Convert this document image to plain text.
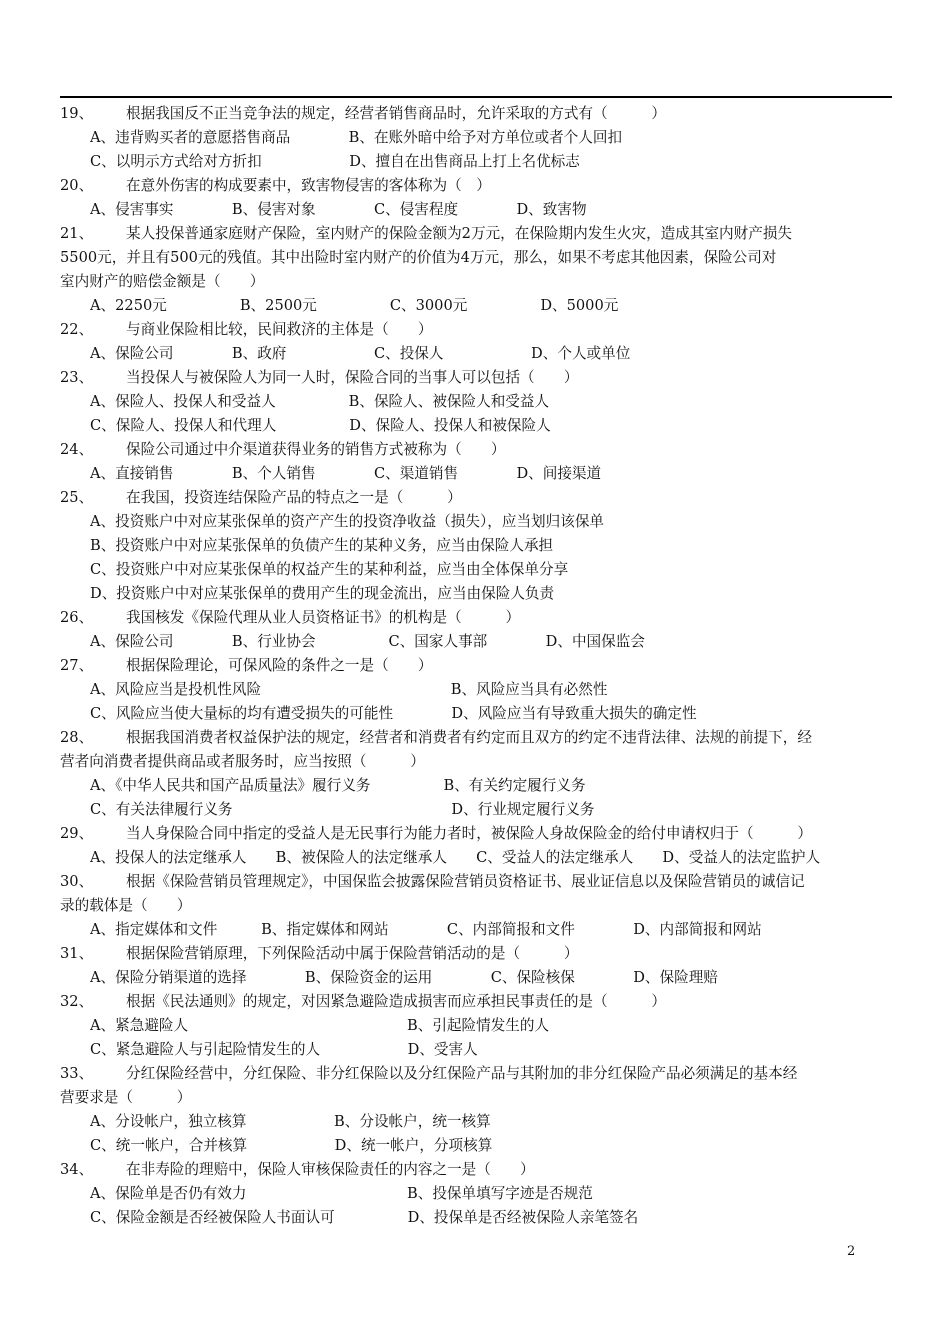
19、	根据我国反不正当竞争法的规定，经营者销售商品时，允许采取的方式有（　　　）
A、违背购买者的意愿搭售商品　　　　B、在账外暗中给予对方单位或者个人回扣
C、以明示方式给对方折扣　　　　　　D、擅自在出售商品上打上名优标志
20、	在意外伤害的构成要素中，致害物侵害的客体称为（　）
A、侵害事实　　　　B、侵害对象　　　　C、侵害程度　　　　D、致害物
21、	某人投保普通家庭财产保险，室内财产的保险金额为2万元，在保险期内发生火灾，造成其室内财产损失
5500元，并且有500元的残值。其中出险时室内财产的价值为4万元，那么，如果不考虑其他因素，保险公司对
室内财产的赔偿金额是（　　）
A、2250元　　　　　B、2500元　　　　　C、3000元　　　　　D、5000元
22、	与商业保险相比较，民间救济的主体是（　　）
A、保险公司　　　　B、政府　　　　　　C、投保人　　　　　　D、个人或单位
23、	当投保人与被保险人为同一人时，保险合同的当事人可以包括（　　）
A、保险人、投保人和受益人　　　　　B、保险人、被保险人和受益人
C、保险人、投保人和代理人　　　　　D、保险人、投保人和被保险人
24、	保险公司通过中介渠道获得业务的销售方式被称为（　　）
A、直接销售　　　　B、个人销售　　　　C、渠道销售　　　　D、间接渠道
25、	在我国，投资连结保险产品的特点之一是（　　　）
A、投资账户中对应某张保单的资产产生的投资净收益（损失），应当划归该保单
B、投资账户中对应某张保单的负债产生的某种义务，应当由保险人承担
C、投资账户中对应某张保单的权益产生的某种利益，应当由全体保单分享
D、投资账户中对应某张保单的费用产生的现金流出，应当由保险人负责
26、	我国核发《保险代理从业人员资格证书》的机构是（　　　）
A、保险公司　　　　B、行业协会　　　　　C、国家人事部　　　　D、中国保监会
27、	根据保险理论，可保风险的条件之一是（　　）
A、风险应当是投机性风险　　　　　　　　　　　　　B、风险应当具有必然性
C、风险应当使大量标的均有遭受损失的可能性　　　　D、风险应当有导致重大损失的确定性
28、	根据我国消费者权益保护法的规定，经营者和消费者有约定而且双方的约定不违背法律、法规的前提下，经
营者向消费者提供商品或者服务时，应当按照（　　　）
A、《中华人民共和国产品质量法》履行义务　　　　　B、有关约定履行义务
C、有关法律履行义务　　　　　　　　　　　　　　　D、行业规定履行义务
29、	当人身保险合同中指定的受益人是无民事行为能力者时，被保险人身故保险金的给付申请权归于（　　　）
A、投保人的法定继承人　　B、被保险人的法定继承人　　C、受益人的法定继承人　　D、受益人的法定监护人
30、	根据《保险营销员管理规定》，中国保监会披露保险营销员资格证书、展业证信息以及保险营销员的诚信记
录的载体是（　　）
A、指定媒体和文件　　　B、指定媒体和网站　　　　C、内部简报和文件　　　　D、内部简报和网站
31、	根据保险营销原理，下列保险活动中属于保险营销活动的是（　　　）
A、保险分销渠道的选择　　　　B、保险资金的运用　　　　C、保险核保　　　　D、保险理赔
32、	根据《民法通则》的规定，对因紧急避险造成损害而应承担民事责任的是（　　　）
A、紧急避险人　　　　　　　　　　　　　　　B、引起险情发生的人
C、紧急避险人与引起险情发生的人　　　　　　D、受害人
33、	分红保险经营中，分红保险、非分红保险以及分红保险产品与其附加的非分红保险产品必须满足的基本经
营要求是（　　　）
A、分设帐户，独立核算　　　　　　B、分设帐户，统一核算
C、统一帐户，合并核算　　　　　　D、统一帐户，分项核算
34、	在非寿险的理赔中，保险人审核保险责任的内容之一是（　　）
A、保险单是否仍有效力　　　　　　　　　　　B、投保单填写字迹是否规范
C、保险金额是否经被保险人书面认可　　　　　D、投保单是否经被保险人亲笔签名
2
